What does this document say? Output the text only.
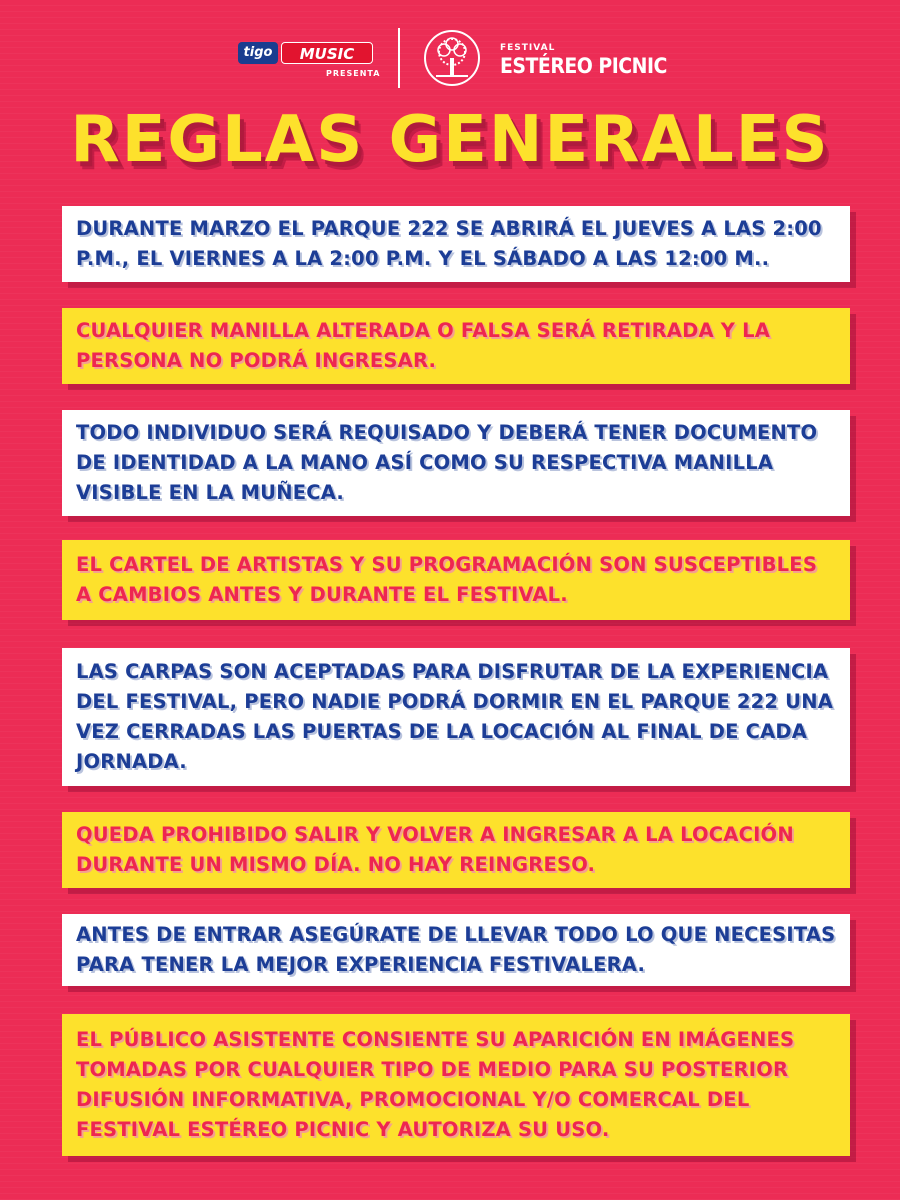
tigo	MUSIC
PRESENTA
FESTIVAL
ESTÉREO PICNIC
REGLAS GENERALES
DURANTE MARZO EL PARQUE 222 SE ABRIRÁ EL JUEVES A LAS 2:00 P.M., EL VIERNES A LA 2:00 P.M. Y EL SÁBADO A LAS 12:00 M..
CUALQUIER MANILLA ALTERADA O FALSA SERÁ RETIRADA Y LA PERSONA NO PODRÁ INGRESAR.
TODO INDIVIDUO SERÁ REQUISADO Y DEBERÁ TENER DOCUMENTO DE IDENTIDAD A LA MANO ASÍ COMO SU RESPECTIVA MANILLA VISIBLE EN LA MUÑECA.
EL CARTEL DE ARTISTAS Y SU PROGRAMACIÓN SON SUSCEPTIBLES A CAMBIOS ANTES Y DURANTE EL FESTIVAL.
LAS CARPAS SON ACEPTADAS PARA DISFRUTAR DE LA EXPERIENCIA DEL FESTIVAL, PERO NADIE PODRÁ DORMIR EN EL PARQUE 222 UNA VEZ CERRADAS LAS PUERTAS DE LA LOCACIÓN AL FINAL DE CADA JORNADA.
QUEDA PROHIBIDO SALIR Y VOLVER A INGRESAR A LA LOCACIÓN DURANTE UN MISMO DÍA. NO HAY REINGRESO.
ANTES DE ENTRAR ASEGÚRATE DE LLEVAR TODO LO QUE NECESITAS PARA TENER LA MEJOR EXPERIENCIA FESTIVALERA.
EL PÚBLICO ASISTENTE CONSIENTE SU APARICIÓN EN IMÁGENES TOMADAS POR CUALQUIER TIPO DE MEDIO PARA SU POSTERIOR DIFUSIÓN INFORMATIVA, PROMOCIONAL Y/O COMERCAL DEL FESTIVAL ESTÉREO PICNIC Y AUTORIZA SU USO.
